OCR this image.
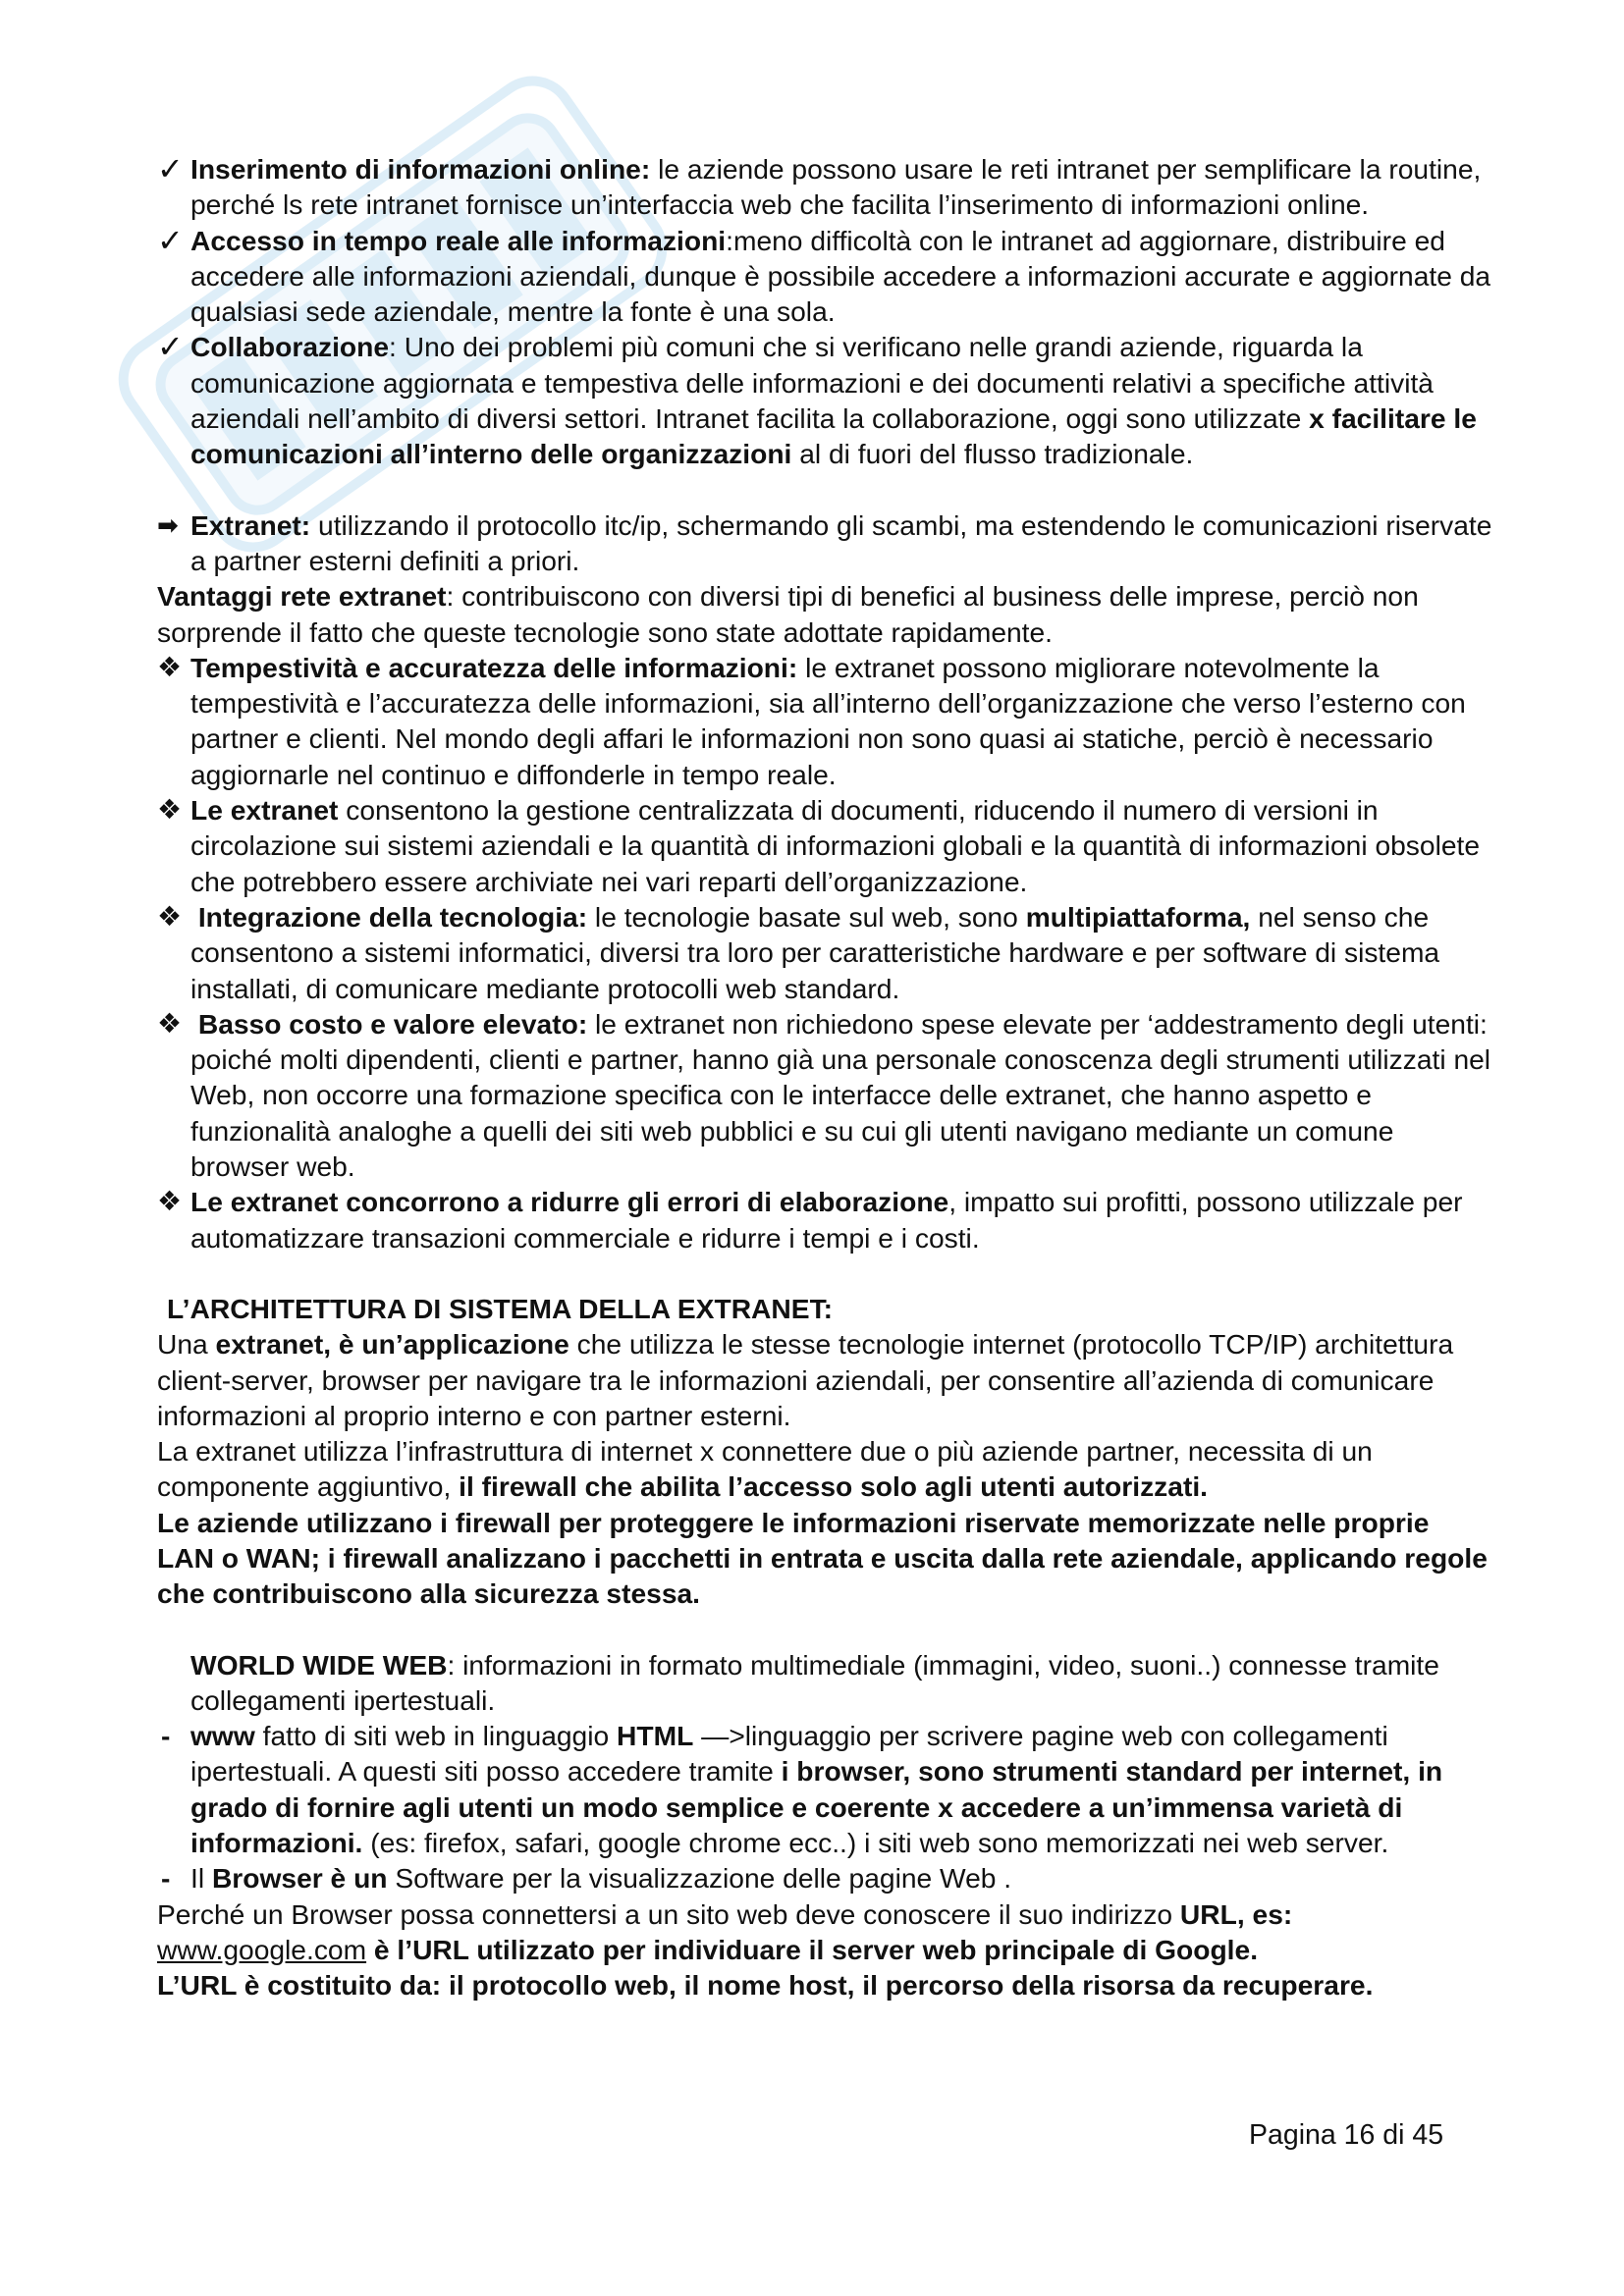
✓ Inserimento di informazioni online: le aziende possono usare le reti intranet per semplificare la routine, perché ls rete intranet fornisce un’interfaccia web che facilita l’inserimento di informazioni online.

✓ Accesso in tempo reale alle informazioni:meno difficoltà con le intranet ad aggiornare, distribuire ed accedere alle informazioni aziendali, dunque è possibile accedere a informazioni accurate e aggiornate da qualsiasi sede aziendale, mentre la fonte è una sola.

✓ Collaborazione: Uno dei problemi più comuni che si verificano nelle grandi aziende, riguarda la comunicazione aggiornata e tempestiva delle informazioni e dei documenti relativi a specifiche attività aziendali nell’ambito di diversi settori. Intranet facilita la collaborazione, oggi sono utilizzate x facilitare le comunicazioni all’interno delle organizzazioni al di fuori del flusso tradizionale.

➡ Extranet: utilizzando il protocollo itc/ip, schermando gli scambi, ma estendendo le comunicazioni riservate a partner esterni definiti a priori.

Vantaggi rete extranet: contribuiscono con diversi tipi di benefici al business delle imprese, perciò non sorprende il fatto che queste tecnologie sono state adottate rapidamente.

❖ Tempestività e accuratezza delle informazioni: le extranet possono migliorare notevolmente la tempestività e l’accuratezza delle informazioni, sia all’interno dell’organizzazione che verso l’esterno con partner e clienti. Nel mondo degli affari le informazioni non sono quasi ai statiche, perciò è necessario aggiornarle nel continuo e diffonderle in tempo reale.

❖ Le extranet consentono la gestione centralizzata di documenti, riducendo il numero di versioni in circolazione sui sistemi aziendali e la quantità di informazioni globali e la quantità di informazioni obsolete che potrebbero essere archiviate nei vari reparti dell’organizzazione.

❖ Integrazione della tecnologia: le tecnologie basate sul web, sono multipiattaforma, nel senso che consentono a sistemi informatici, diversi tra loro per caratteristiche hardware e per software di sistema installati, di comunicare mediante protocolli web standard.

❖ Basso costo e valore elevato: le extranet non richiedono spese elevate per ‘addestramento degli utenti: poiché molti dipendenti, clienti e partner, hanno già una personale conoscenza degli strumenti utilizzati nel Web, non occorre una formazione specifica con le interfacce delle extranet, che hanno aspetto e funzionalità analoghe a quelli dei siti web pubblici e su cui gli utenti navigano mediante un comune browser web.

❖ Le extranet concorrono a ridurre gli errori di elaborazione, impatto sui profitti, possono utilizzale per automatizzare transazioni commerciale e ridurre i tempi e i costi.

L’ARCHITETTURA DI SISTEMA DELLA EXTRANET:

Una extranet, è un’applicazione che utilizza le stesse tecnologie internet (protocollo TCP/IP) architettura client-server, browser per navigare tra le informazioni aziendali, per consentire all’azienda di comunicare informazioni al proprio interno e con partner esterni.

La extranet utilizza l’infrastruttura di internet x connettere due o più aziende partner, necessita di un componente aggiuntivo, il firewall che abilita l’accesso solo agli utenti autorizzati.

Le aziende utilizzano i firewall per proteggere le informazioni riservate memorizzate nelle proprie LAN o WAN; i firewall analizzano i pacchetti in entrata e uscita dalla rete aziendale, applicando regole che contribuiscono alla sicurezza stessa.

WORLD WIDE WEB: informazioni in formato multimediale (immagini, video, suoni..) connesse tramite collegamenti ipertestuali.

- www fatto di siti web in linguaggio HTML —>linguaggio per scrivere pagine web con collegamenti ipertestuali. A questi siti posso accedere tramite i browser, sono strumenti standard per internet, in grado di fornire agli utenti un modo semplice e coerente x accedere a un’immensa varietà di informazioni. (es: firefox, safari, google chrome ecc..) i siti web sono memorizzati nei web server.

- Il Browser è un Software per la visualizzazione delle pagine Web .

Perché un Browser possa connettersi a un sito web deve conoscere il suo indirizzo URL, es:
www.google.com è l’URL utilizzato per individuare il server web principale di Google.

L’URL è costituito da: il protocollo web, il nome host, il percorso della risorsa da recuperare.

Pagina 16 di 45
